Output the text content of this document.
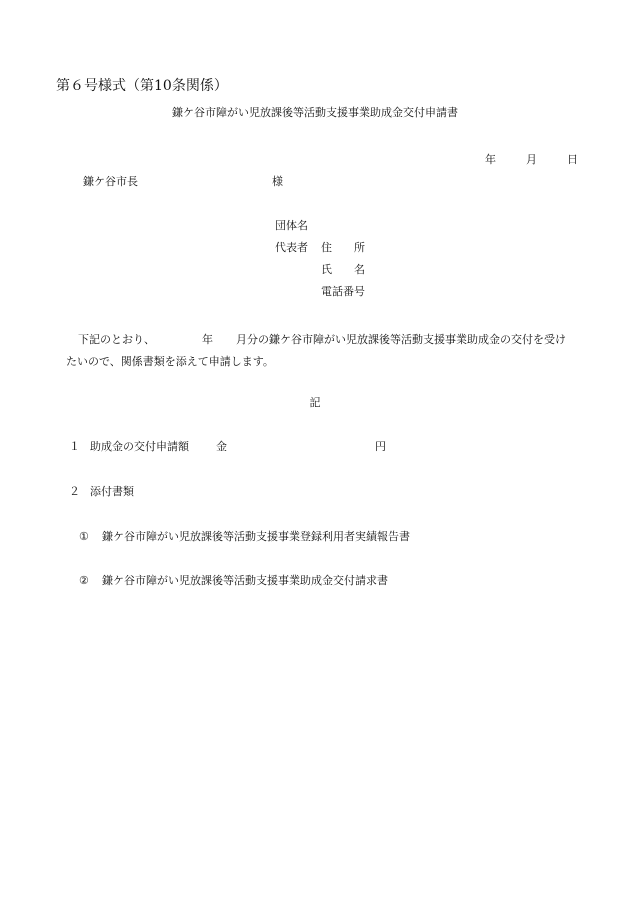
第６号様式（第10条関係）
鎌ケ谷市障がい児放課後等活動支援事業助成金交付申請書
年	月	日
鎌ケ谷市長	様
団体名
代表者 住　　所
氏　　名
電話番号
下記のとおり、	年 月分の鎌ケ谷市障がい児放課後等活動支援事業助成金の交付を受け
たいので、関係書類を添えて申請します。
記
１ 助成金の交付申請額 金	円
２ 添付書類
① 鎌ケ谷市障がい児放課後等活動支援事業登録利用者実績報告書
② 鎌ケ谷市障がい児放課後等活動支援事業助成金交付請求書
